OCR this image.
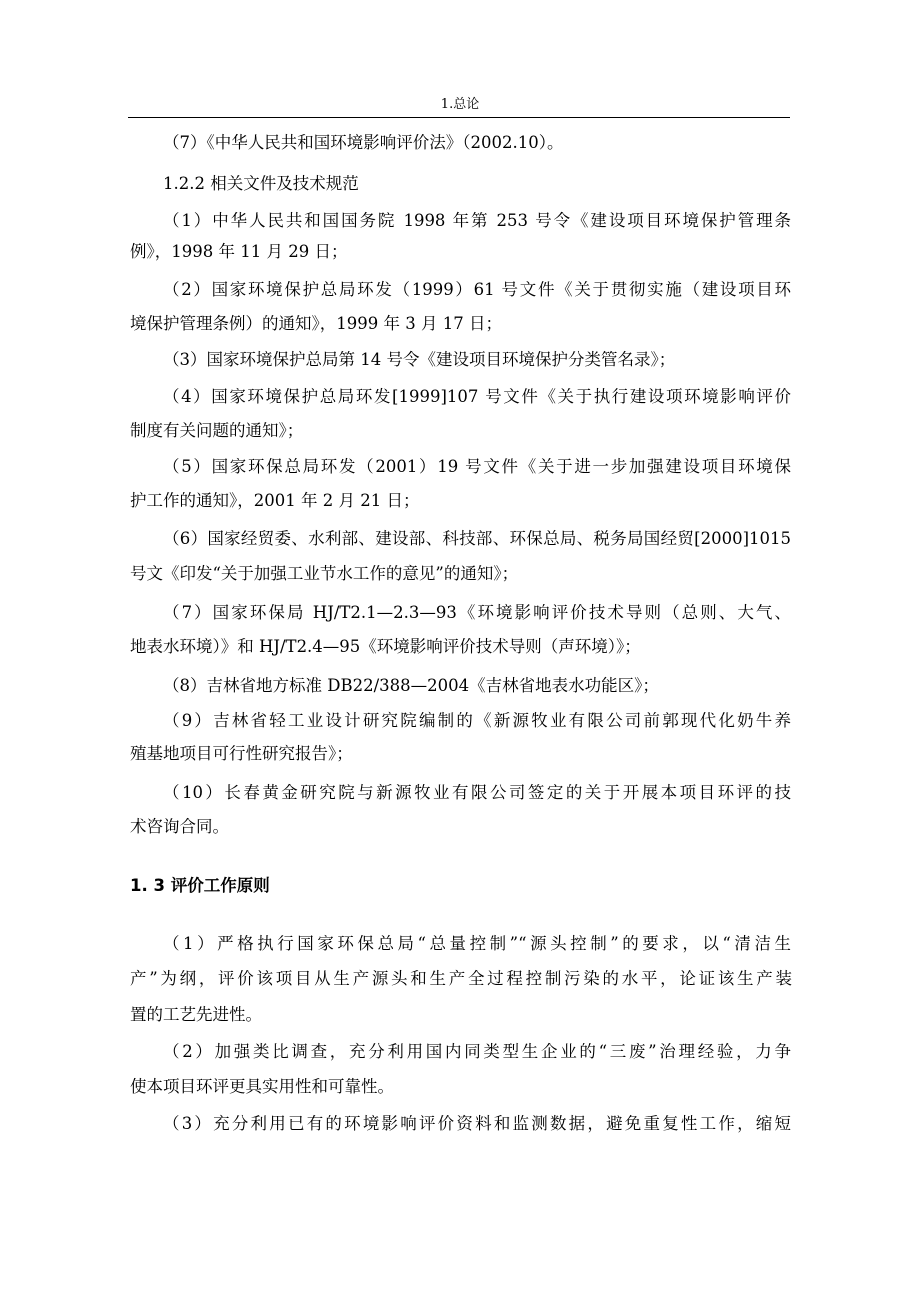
1.总论
（7）《中华人民共和国环境影响评价法》（2002.10）。
1.2.2 相关文件及技术规范
（1）中华人民共和国国务院 1998 年第 253 号令《建设项目环境保护管理条
例》，1998 年 11 月 29 日；
（2）国家环境保护总局环发（1999）61 号文件《关于贯彻实施（建设项目环
境保护管理条例）的通知》，1999 年 3 月 17 日；
（3）国家环境保护总局第 14 号令《建设项目环境保护分类管名录》；
（4）国家环境保护总局环发[1999]107 号文件《关于执行建设项环境影响评价
制度有关问题的通知》；
（5）国家环保总局环发（2001）19 号文件《关于进一步加强建设项目环境保
护工作的通知》，2001 年 2 月 21 日；
（6）国家经贸委、水利部、建设部、科技部、环保总局、税务局国经贸[2000]1015
号文《印发“关于加强工业节水工作的意见”的通知》；
（7）国家环保局 HJ/T2.1—2.3—93《环境影响评价技术导则（总则、大气、
地表水环境）》和 HJ/T2.4—95《环境影响评价技术导则（声环境）》；
（8）吉林省地方标准 DB22/388—2004《吉林省地表水功能区》；
（9）吉林省轻工业设计研究院编制的《新源牧业有限公司前郭现代化奶牛养
殖基地项目可行性研究报告》；
（10）长春黄金研究院与新源牧业有限公司签定的关于开展本项目环评的技
术咨询合同。
1. 3 评价工作原则
（1）严格执行国家环保总局“总量控制”“源头控制”的要求，以“清洁生
产”为纲，评价该项目从生产源头和生产全过程控制污染的水平，论证该生产装
置的工艺先进性。
（2）加强类比调查，充分利用国内同类型生企业的“三废”治理经验，力争
使本项目环评更具实用性和可靠性。
（3）充分利用已有的环境影响评价资料和监测数据，避免重复性工作，缩短
